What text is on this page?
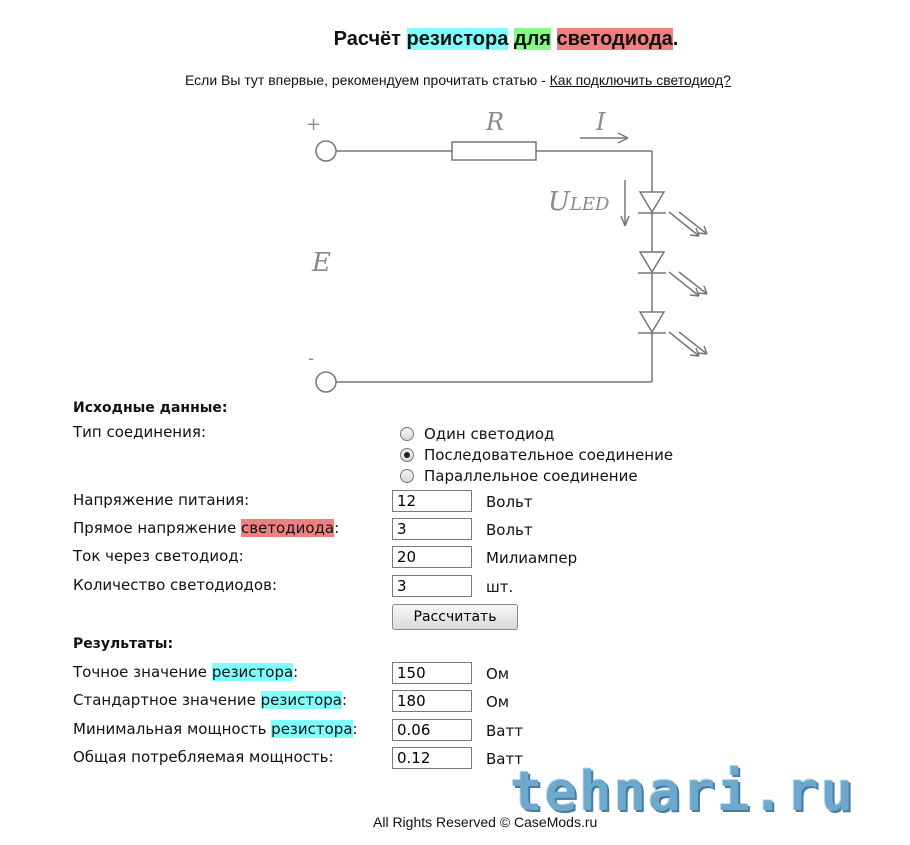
Расчёт резистора для светодиода.
Если Вы тут впервые, рекомендуем прочитать статью - Как подключить светодиод?
+
-
R	I
ULED
E
Исходные данные:
Тип соединения:	Один светодиод
Последовательное соединение
Параллельное соединение
Напряжение питания:
12	Вольт
Прямое напряжение светодиода:
3	Вольт
Ток через светодиод:
20	Милиампер
Количество светодиодов:
3	шт.
Рассчитать
Результаты:
Точное значение резистора:
150	Ом
Стандартное значение резистора:
180	Ом
Минимальная мощность резистора:
0.06	Ватт
Общая потребляемая мощность:
0.12	Ватт
tehnari.ru
All Rights Reserved © CaseMods.ru
